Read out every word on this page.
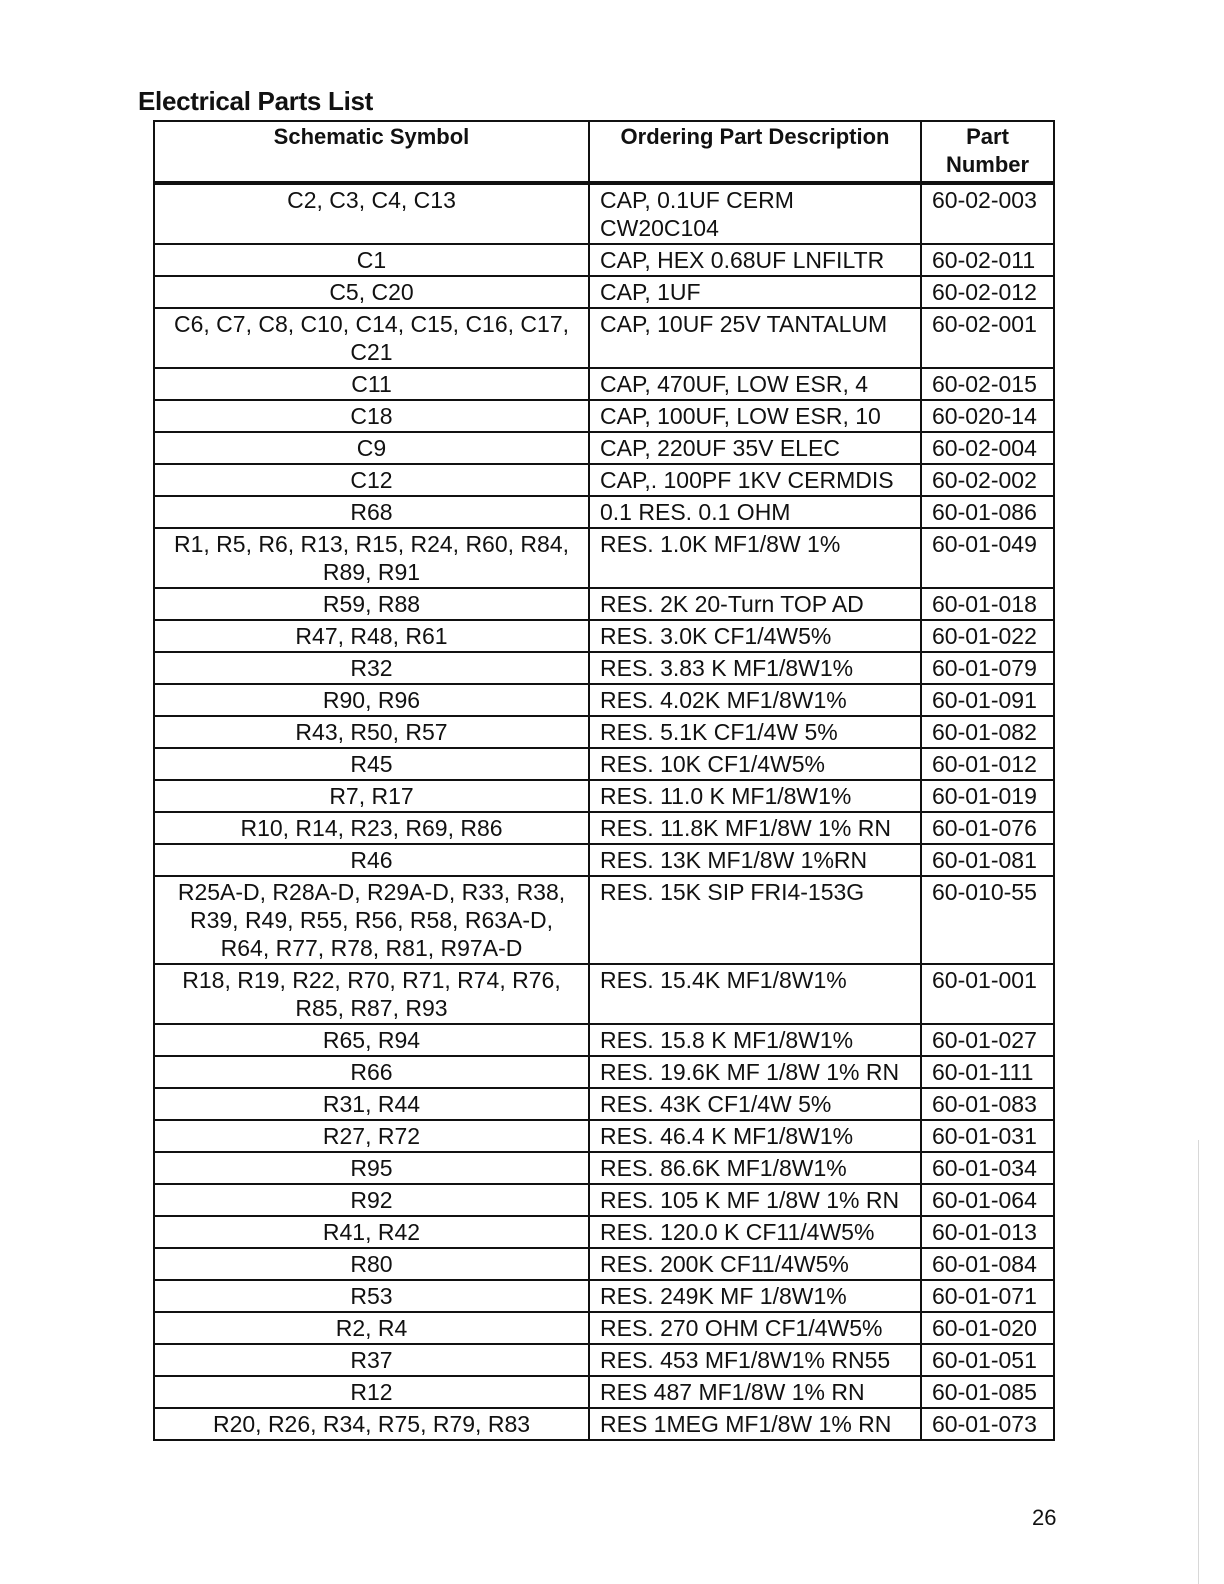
Electrical Parts List
Schematic Symbol	Ordering Part Description	Part
Number
C2, C3, C4, C13	CAP, 0.1UF CERM CW20C104	60-02-003
C1	CAP, HEX 0.68UF LNFILTR	60-02-011
C5, C20	CAP, 1UF	60-02-012
C6, C7, C8, C10, C14, C15, C16, C17, C21	CAP, 10UF 25V TANTALUM	60-02-001
C11	CAP, 470UF, LOW ESR, 4	60-02-015
C18	CAP, 100UF, LOW ESR, 10	60-020-14
C9	CAP, 220UF 35V ELEC	60-02-004
C12	CAP,. 100PF 1KV CERMDIS	60-02-002
R68	0.1 RES. 0.1 OHM	60-01-086
R1, R5, R6, R13, R15, R24, R60, R84, R89, R91	RES. 1.0K MF1/8W 1%	60-01-049
R59, R88	RES. 2K 20-Turn TOP AD	60-01-018
R47, R48, R61	RES. 3.0K CF1/4W5%	60-01-022
R32	RES. 3.83 K MF1/8W1%	60-01-079
R90, R96	RES. 4.02K MF1/8W1%	60-01-091
R43, R50, R57	RES. 5.1K CF1/4W 5%	60-01-082
R45	RES. 10K CF1/4W5%	60-01-012
R7, R17	RES. 11.0 K MF1/8W1%	60-01-019
R10, R14, R23, R69, R86	RES. 11.8K MF1/8W 1% RN	60-01-076
R46	RES. 13K MF1/8W 1%RN	60-01-081
R25A-D, R28A-D, R29A-D, R33, R38, R39, R49, R55, R56, R58, R63A-D, R64, R77, R78, R81, R97A-D	RES. 15K SIP FRI4-153G	60-010-55
R18, R19, R22, R70, R71, R74, R76, R85, R87, R93	RES. 15.4K MF1/8W1%	60-01-001
R65, R94	RES. 15.8 K MF1/8W1%	60-01-027
R66	RES. 19.6K MF 1/8W 1% RN	60-01-111
R31, R44	RES. 43K CF1/4W 5%	60-01-083
R27, R72	RES. 46.4 K MF1/8W1%	60-01-031
R95	RES. 86.6K MF1/8W1%	60-01-034
R92	RES. 105 K MF 1/8W 1% RN	60-01-064
R41, R42	RES. 120.0 K CF11/4W5%	60-01-013
R80	RES. 200K CF11/4W5%	60-01-084
R53	RES. 249K MF 1/8W1%	60-01-071
R2, R4	RES. 270 OHM CF1/4W5%	60-01-020
R37	RES. 453 MF1/8W1% RN55	60-01-051
R12	RES 487 MF1/8W 1% RN	60-01-085
R20, R26, R34, R75, R79, R83	RES 1MEG MF1/8W 1% RN	60-01-073
26
